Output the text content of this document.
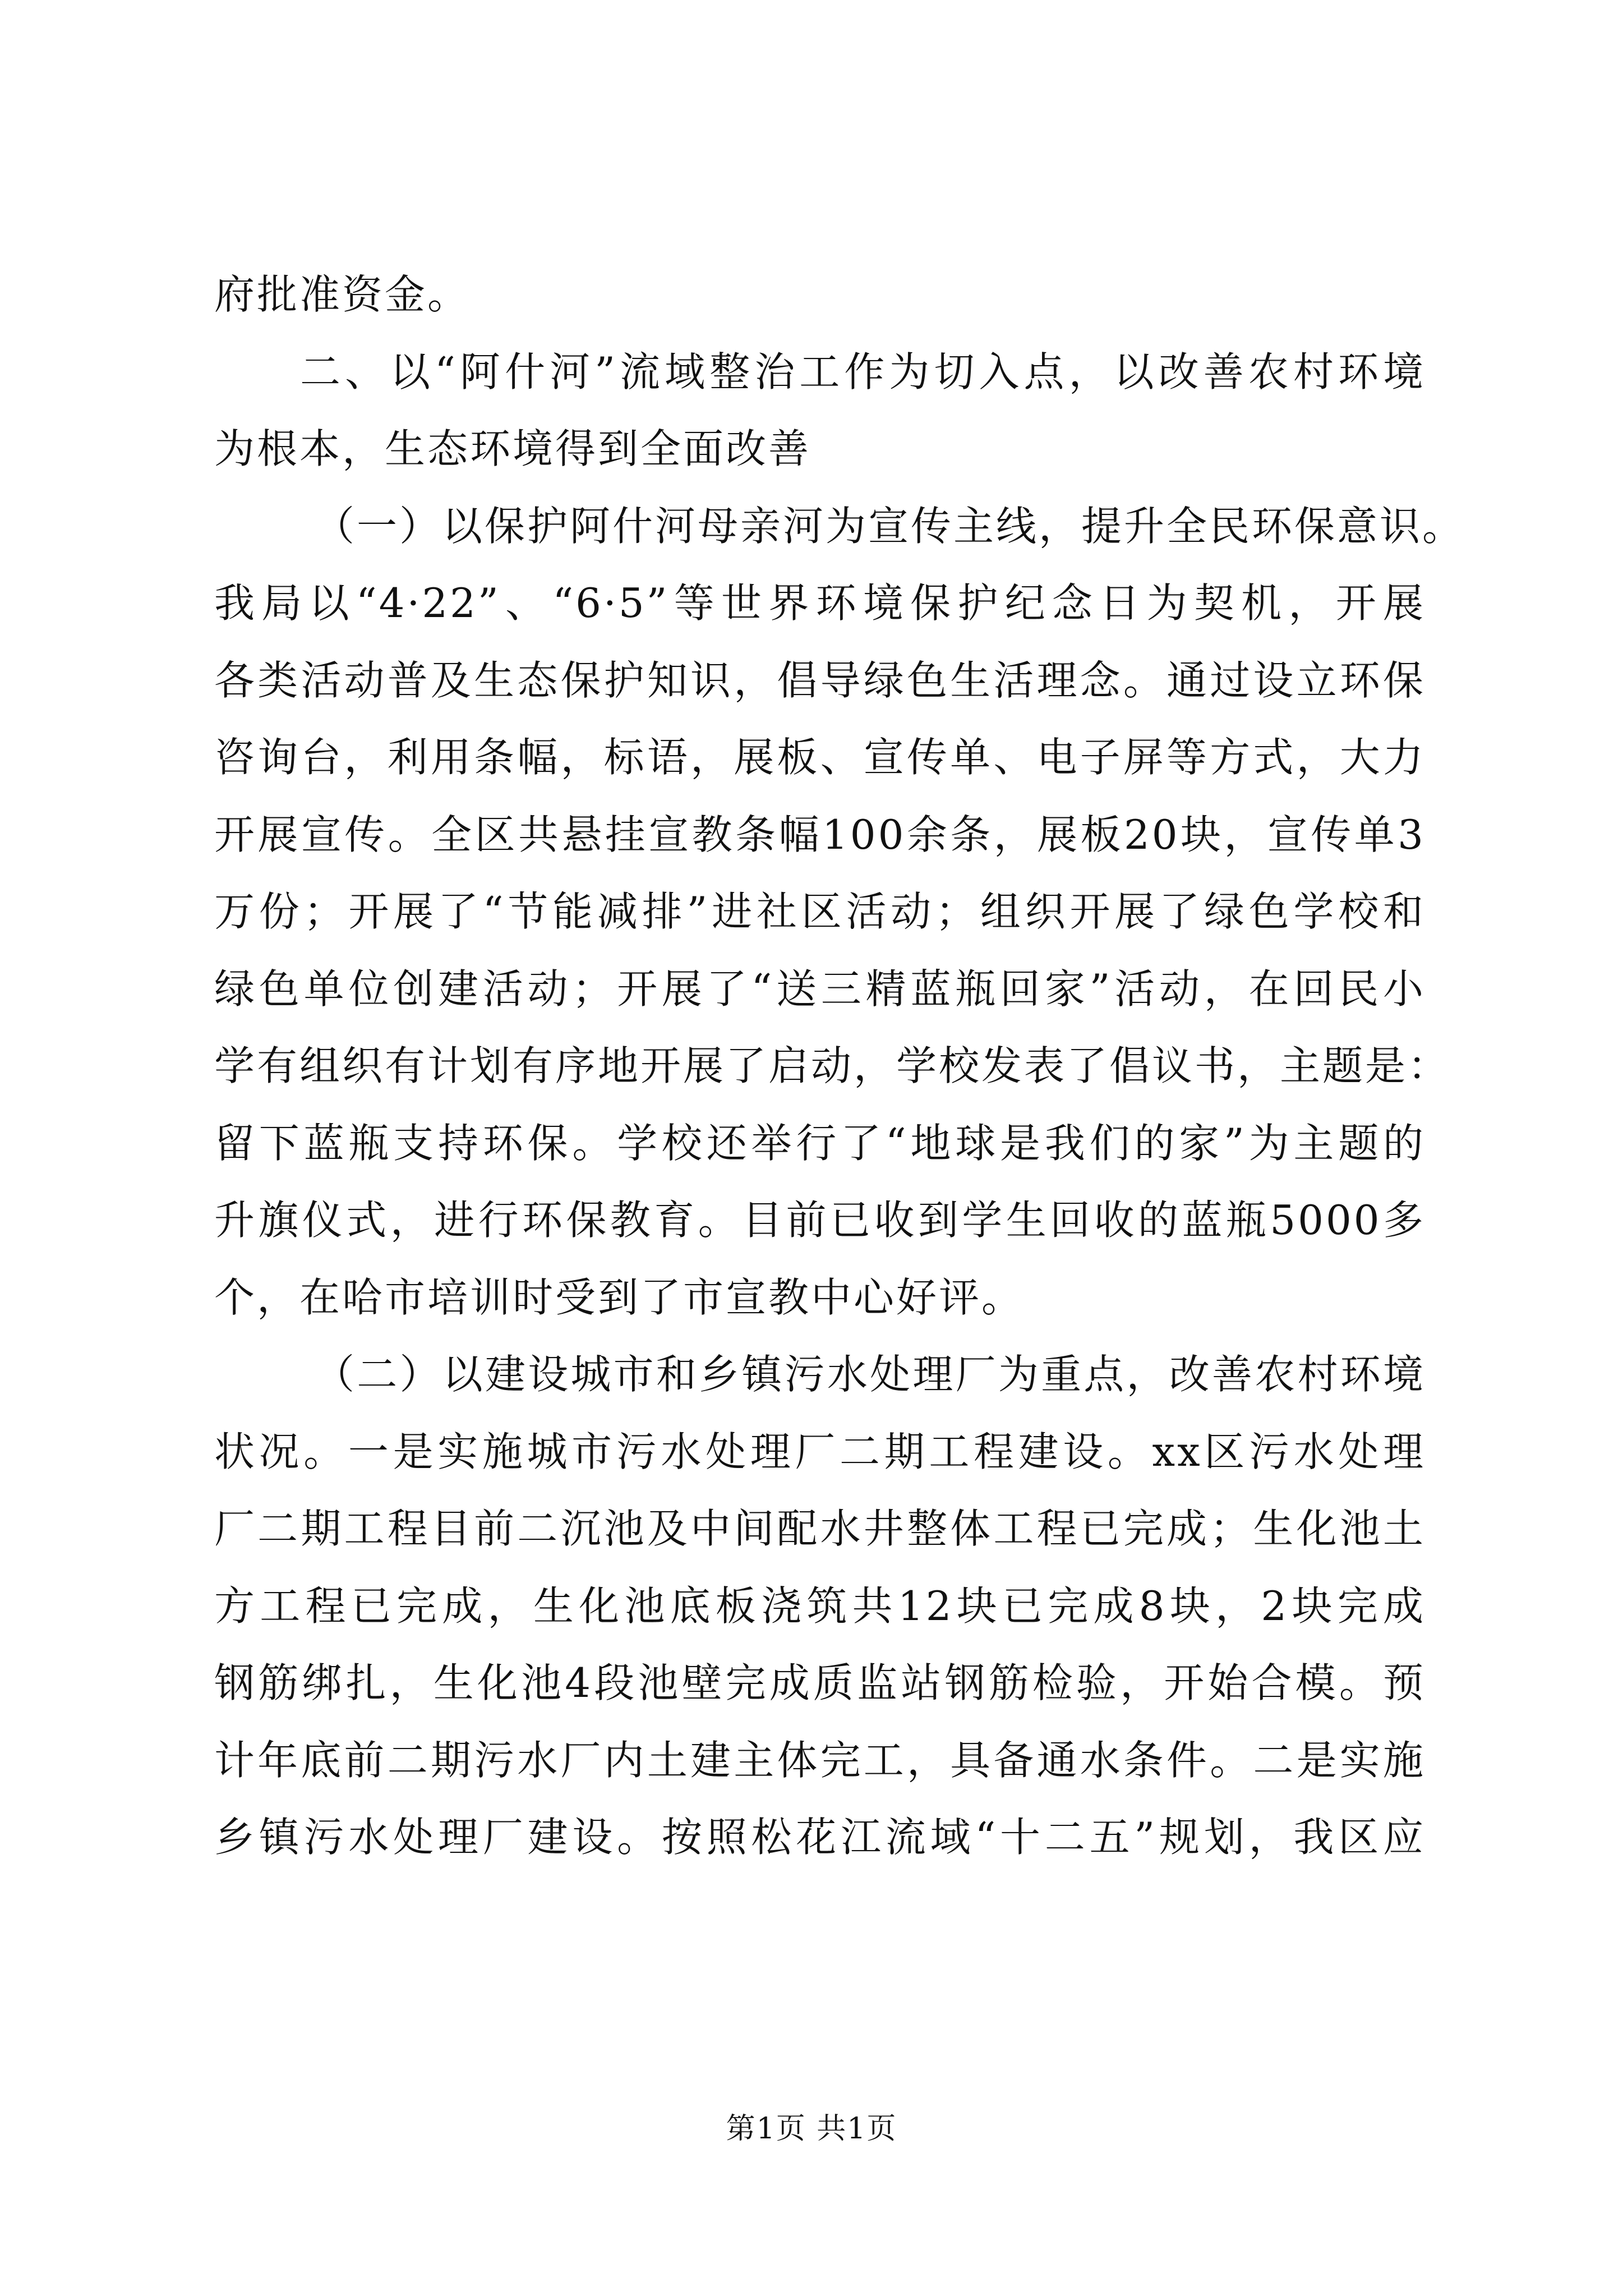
府批准资金。
二、以“阿什河”流域整治工作为切入点，以改善农村环境
为根本，生态环境得到全面改善
（一）以保护阿什河母亲河为宣传主线，提升全民环保意识。
我局以“4·22”、“6·5”等世界环境保护纪念日为契机，开展
各类活动普及生态保护知识，倡导绿色生活理念。通过设立环保
咨询台，利用条幅，标语，展板、宣传单、电子屏等方式，大力
开展宣传。全区共悬挂宣教条幅100余条，展板20块，宣传单3
万份；开展了“节能减排”进社区活动；组织开展了绿色学校和
绿色单位创建活动；开展了“送三精蓝瓶回家”活动，在回民小
学有组织有计划有序地开展了启动，学校发表了倡议书，主题是：
留下蓝瓶支持环保。学校还举行了“地球是我们的家”为主题的
升旗仪式，进行环保教育。目前已收到学生回收的蓝瓶5000多
个，在哈市培训时受到了市宣教中心好评。
（二）以建设城市和乡镇污水处理厂为重点，改善农村环境
状况。一是实施城市污水处理厂二期工程建设。xx区污水处理
厂二期工程目前二沉池及中间配水井整体工程已完成；生化池土
方工程已完成，生化池底板浇筑共12块已完成8块，2块完成
钢筋绑扎，生化池4段池壁完成质监站钢筋检验，开始合模。预
计年底前二期污水厂内土建主体完工，具备通水条件。二是实施
乡镇污水处理厂建设。按照松花江流域“十二五”规划，我区应
第1页 共1页
